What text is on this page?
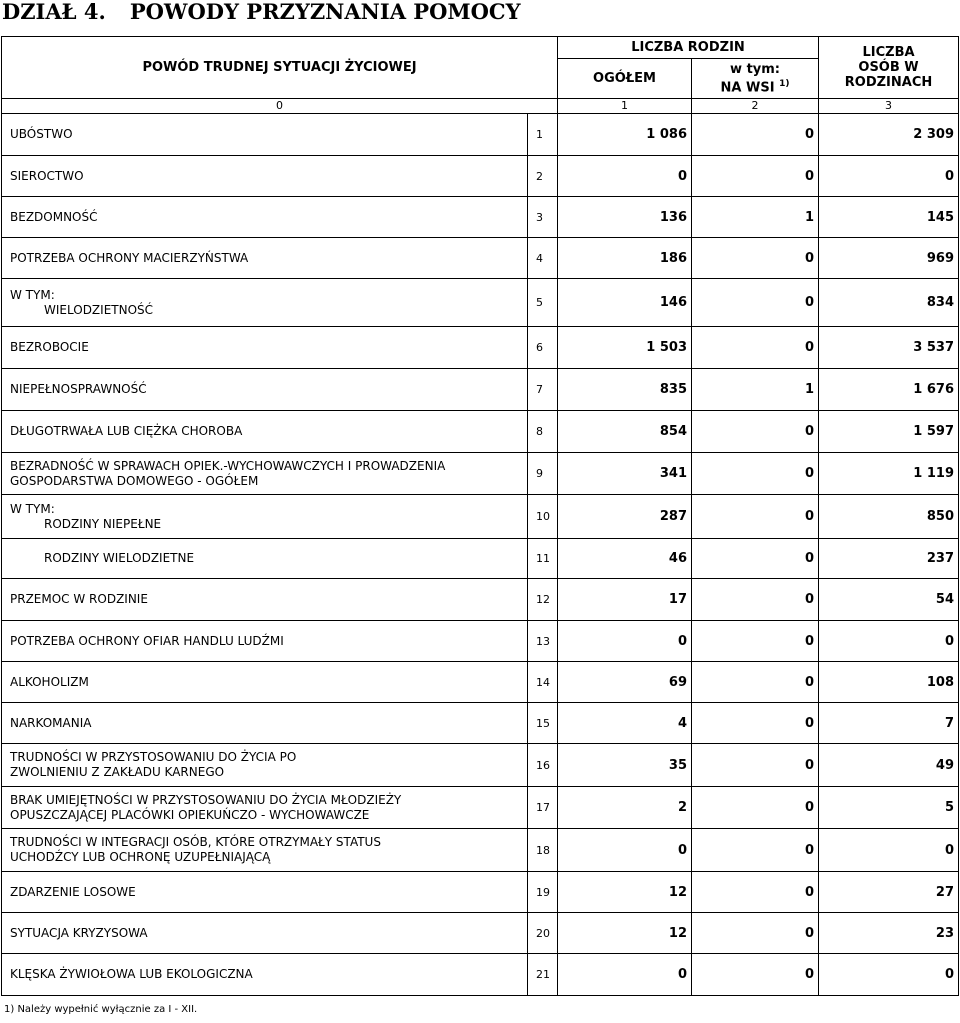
DZIAŁ 4. POWODY PRZYZNANIA POMOCY
POWÓD TRUDNEJ SYTUACJI ŻYCIOWEJ		LICZBA RODZIN		LICZBA OSÓB W RODZINACH
		OGÓŁEM	w tym:
NA WSI $^{1)}$
0		1	2	3
UBÓSTWO	1	1 086	0	2 309
SIEROCTWO	2	0	0	0
BEZDOMNOŚĆ	3	136	1	145
POTRZEBA OCHRONY MACIERZYŃSTWA	4	186	0	969

W TYM:
WIELODZIETNOŚĆ	5	146	0	834
BEZROBOCIE	6	1 503	0	3 537
NIEPEŁNOSPRAWNOŚĆ	7	835	1	1 676
DŁUGOTRWAŁA LUB CIĘŻKA CHOROBA	8	854	0	1 597
BEZRADNOŚĆ W SPRAWACH OPIEK.-WYCHOWAWCZYCH I PROWADZENIA GOSPODARSTWA DOMOWEGO - OGÓŁEM	9	341	0	1 119

W TYM:
RODZINY NIEPEŁNE	10	287	0	850

RODZINY WIELODZIETNE	11	46	0	237
PRZEMOC W RODZINIE	12	17	0	54
POTRZEBA OCHRONY OFIAR HANDLU LUDŹMI	13	0	0	0
ALKOHOLIZM	14	69	0	108
NARKOMANIA	15	4	0	7
TRUDNOŚCI W PRZYSTOSOWANIU DO ŻYCIA PO ZWOLNIENIU Z ZAKŁADU KARNEGO	16	35	0	49
BRAK UMIEJĘTNOŚCI W PRZYSTOSOWANIU DO ŻYCIA MŁODZIEŻY OPUSZCZAJĄCEJ PLACÓWKI OPIEKUŃCZO - WYCHOWAWCZE	17	2	0	5
TRUDNOŚCI W INTEGRACJI OSÓB, KTÓRE OTRZYMAŁY STATUS UCHODŹCY LUB OCHRONĘ UZUPEŁNIAJĄCĄ	18	0	0	0
ZDARZENIE LOSOWE	19	12	0	27
SYTUACJA KRYZYSOWA	20	12	0	23
KLĘSKA ŻYWIOŁOWA LUB EKOLOGICZNA	21	0	0	0
1) Należy wypełnić wyłącznie za I - XII.
